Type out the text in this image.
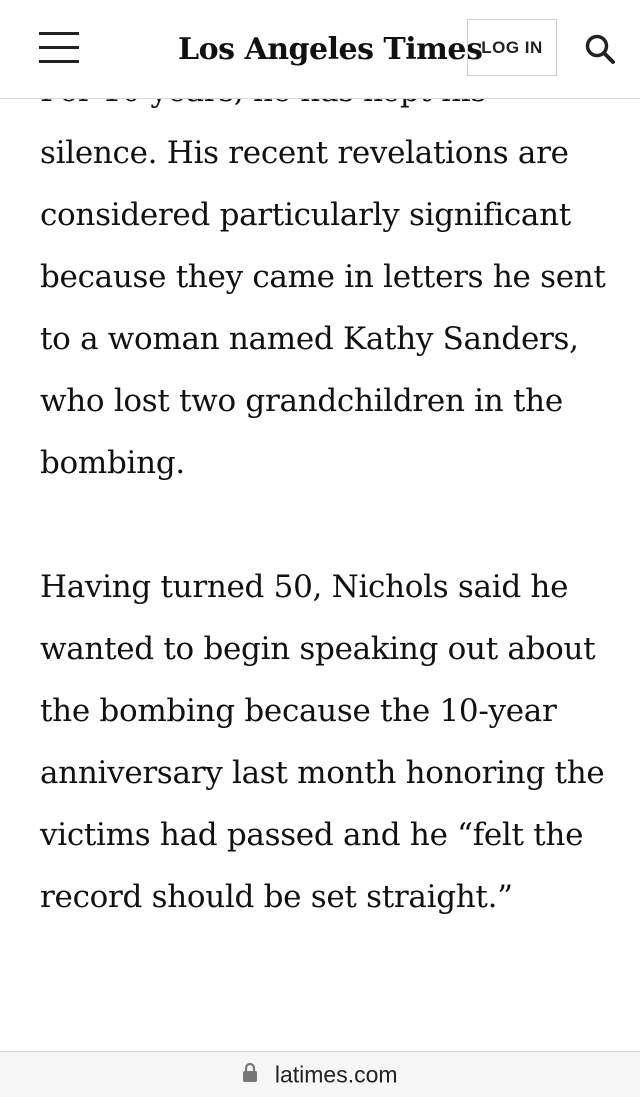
Los Angeles Times
LOG IN

silence. His recent revelations are considered particularly significant because they came in letters he sent to a woman named Kathy Sanders, who lost two grandchildren in the bombing.

Having turned 50, Nichols said he wanted to begin speaking out about the bombing because the 10-year anniversary last month honoring the victims had passed and he “felt the record should be set straight.”

latimes.com
